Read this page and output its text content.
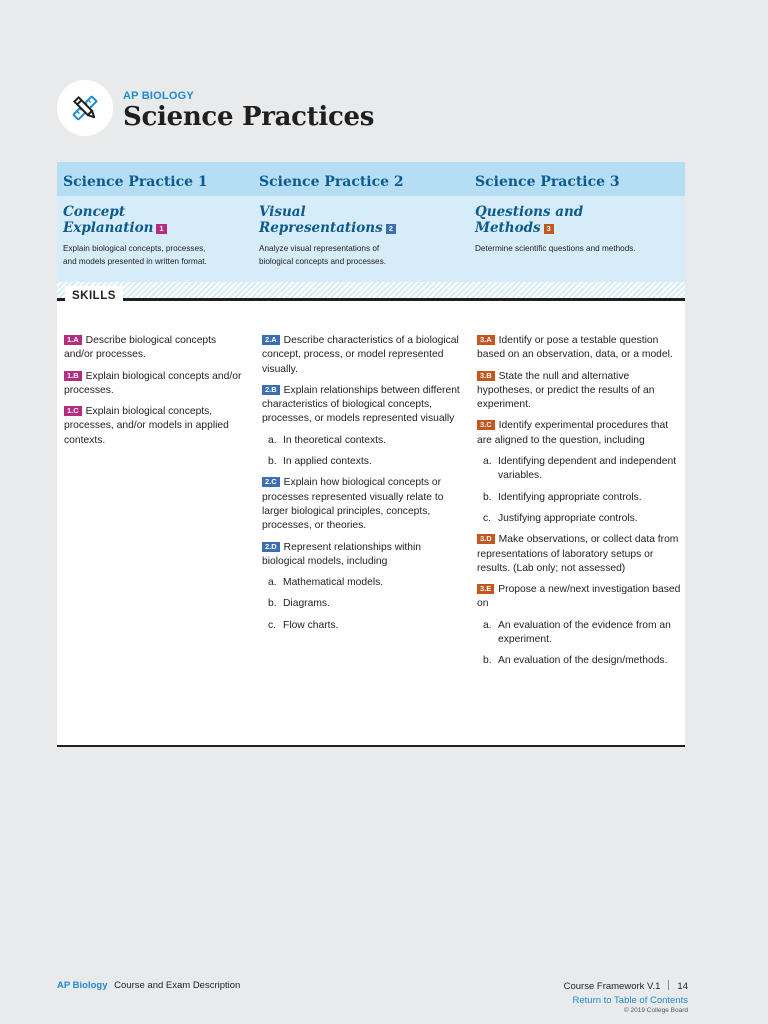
AP BIOLOGY
Science Practices
Science Practice 1
Concept
Explanation 1
Explain biological concepts, processes,
and models presented in written format.
Science Practice 2
Visual
Representations 2
Analyze visual representations of
biological concepts and processes.
Science Practice 3
Questions and
Methods 3
Determine scientific questions and methods.
SKILLS
1.A Describe biological concepts and/or processes.
1.B Explain biological concepts and/or processes.
1.C Explain biological concepts, processes, and/or models in applied contexts.
2.A Describe characteristics of a biological concept, process, or model represented visually.
2.B Explain relationships between different characteristics of biological concepts, processes, or models represented visually
a. In theoretical contexts.
b. In applied contexts.
2.C Explain how biological concepts or processes represented visually relate to larger biological principles, concepts, processes, or theories.
2.D Represent relationships within biological models, including
a. Mathematical models.
b. Diagrams.
c. Flow charts.
3.A Identify or pose a testable question based on an observation, data, or a model.
3.B State the null and alternative hypotheses, or predict the results of an experiment.
3.C Identify experimental procedures that are aligned to the question, including
a. Identifying dependent and independent variables.
b. Identifying appropriate controls.
c. Justifying appropriate controls.
3.D Make observations, or collect data from representations of laboratory setups or results. (Lab only; not assessed)
3.E Propose a new/next investigation based on
a. An evaluation of the evidence from an experiment.
b. An evaluation of the design/methods.
AP Biology Course and Exam Description	Course Framework V.1 14
Return to Table of Contents
© 2019 College Board
